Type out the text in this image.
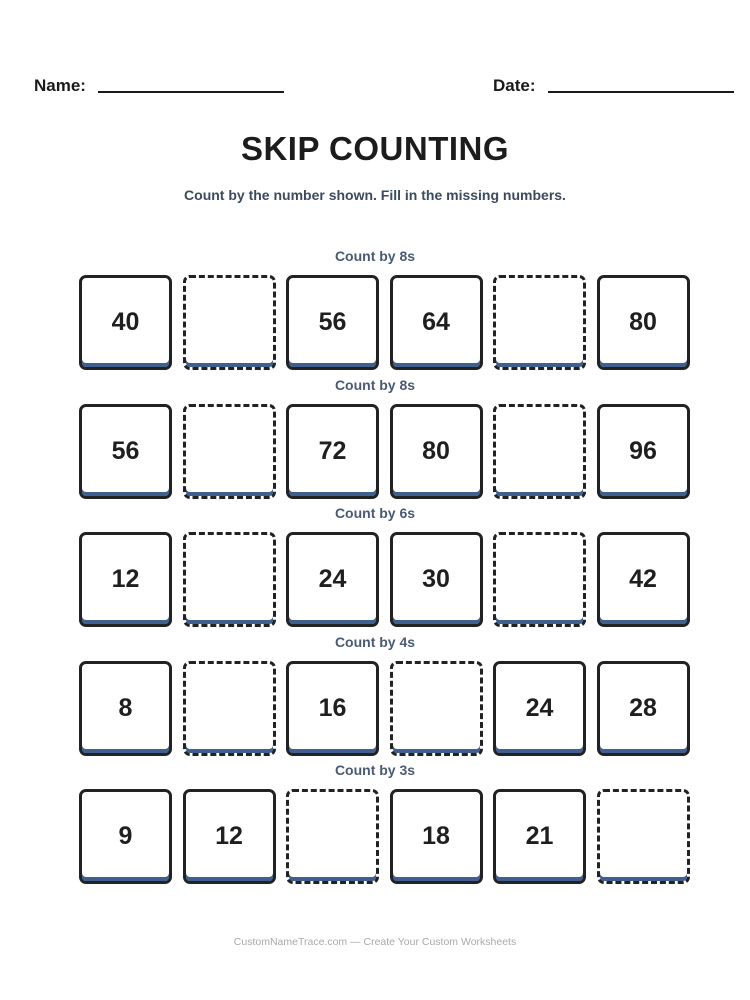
Name:	Date:
SKIP COUNTING

Count by the number shown. Fill in the missing numbers.

Count by 8s
40	56	64	80
Count by 8s
56	72	80	96
Count by 6s
12	24	30	42
Count by 4s
8	16	24	28
Count by 3s
9	12	18	21
CustomNameTrace.com — Create Your Custom Worksheets
